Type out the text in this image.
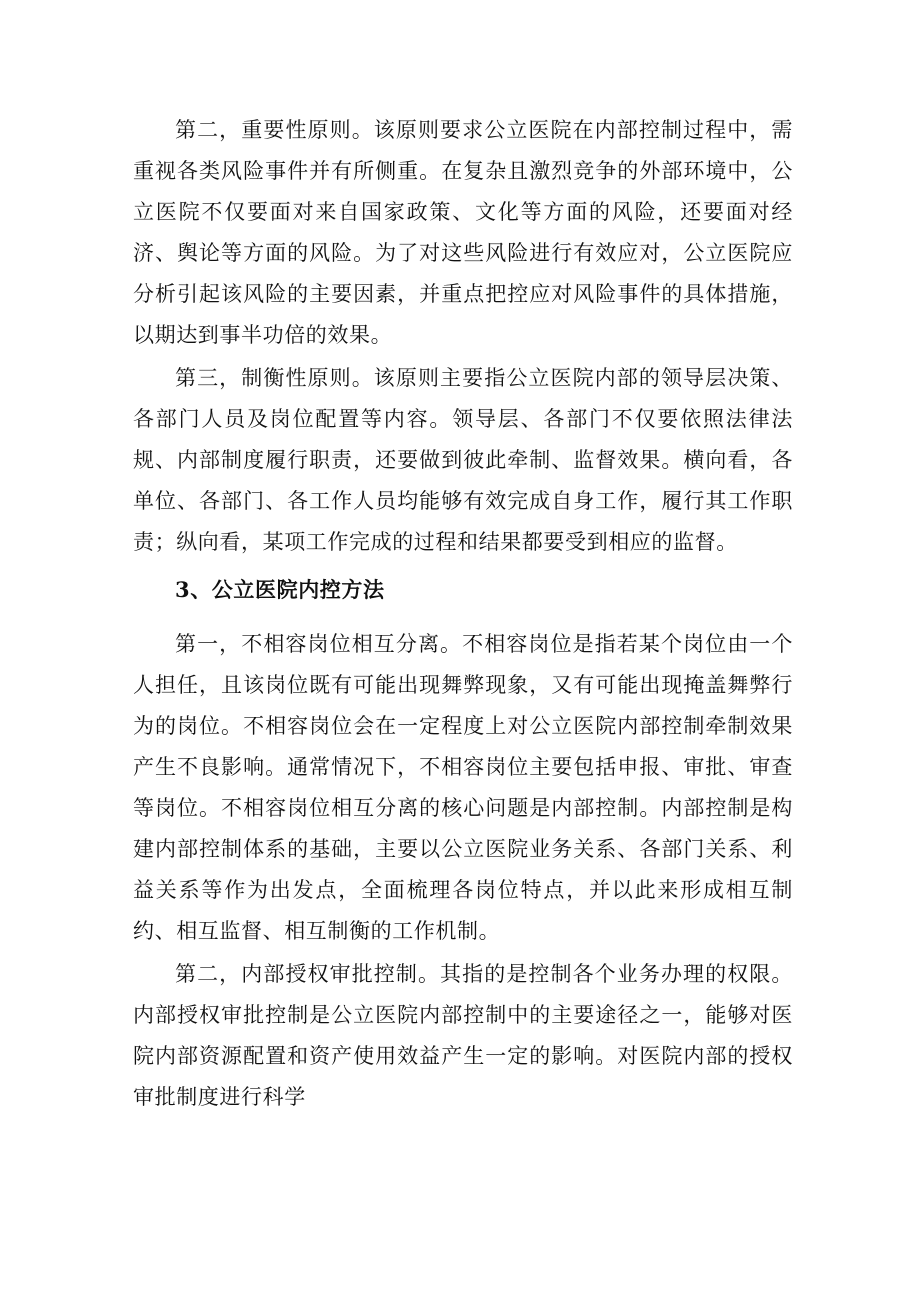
第二，重要性原则。该原则要求公立医院在内部控制过程中，需重视各类风险事件并有所侧重。在复杂且激烈竞争的外部环境中，公立医院不仅要面对来自国家政策、文化等方面的风险，还要面对经济、舆论等方面的风险。为了对这些风险进行有效应对，公立医院应分析引起该风险的主要因素，并重点把控应对风险事件的具体措施，以期达到事半功倍的效果。

第三，制衡性原则。该原则主要指公立医院内部的领导层决策、各部门人员及岗位配置等内容。领导层、各部门不仅要依照法律法规、内部制度履行职责，还要做到彼此牵制、监督效果。横向看，各单位、各部门、各工作人员均能够有效完成自身工作，履行其工作职责；纵向看，某项工作完成的过程和结果都要受到相应的监督。

3、公立医院内控方法

第一，不相容岗位相互分离。不相容岗位是指若某个岗位由一个人担任，且该岗位既有可能出现舞弊现象，又有可能出现掩盖舞弊行为的岗位。不相容岗位会在一定程度上对公立医院内部控制牵制效果产生不良影响。通常情况下，不相容岗位主要包括申报、审批、审查等岗位。不相容岗位相互分离的核心问题是内部控制。内部控制是构建内部控制体系的基础，主要以公立医院业务关系、各部门关系、利益关系等作为出发点，全面梳理各岗位特点，并以此来形成相互制约、相互监督、相互制衡的工作机制。

第二，内部授权审批控制。其指的是控制各个业务办理的权限。内部授权审批控制是公立医院内部控制中的主要途径之一，能够对医院内部资源配置和资产使用效益产生一定的影响。对医院内部的授权审批制度进行科学
